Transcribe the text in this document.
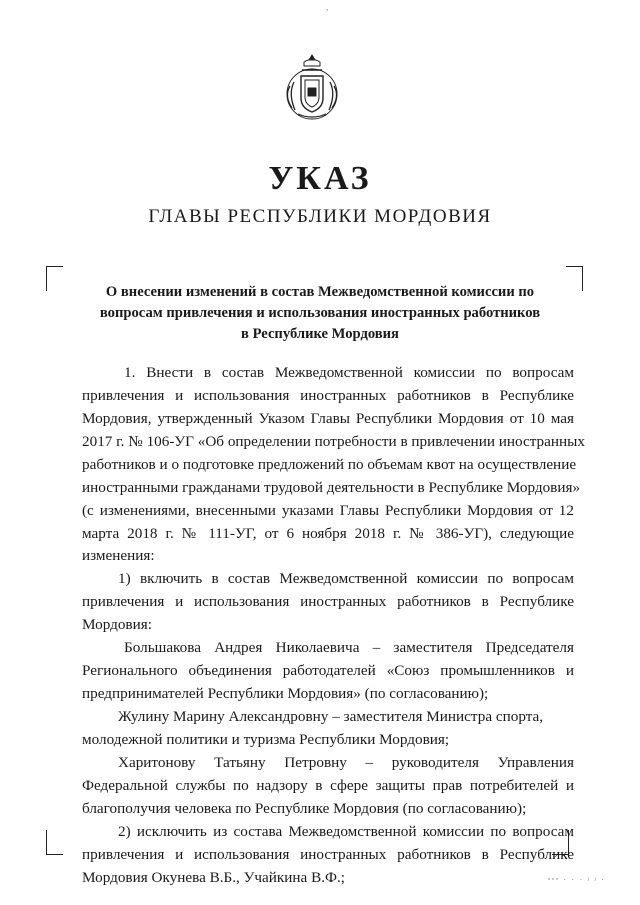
,
УКАЗ
ГЛАВЫ РЕСПУБЛИКИ МОРДОВИЯ
О внесении изменений в состав Межведомственной комиссии по
вопросам привлечения и использования иностранных работников
в Республике Мордовия
1. Внести в состав Межведомственной комиссии по вопросам
привлечения и использования иностранных работников в Республике
Мордовия, утвержденный Указом Главы Республики Мордовия от 10 мая
2017 г. № 106-УГ «Об определении потребности в привлечении иностранных
работников и о подготовке предложений по объемам квот на осуществление
иностранными гражданами трудовой деятельности в Республике Мордовия»
(с изменениями, внесенными указами Главы Республики Мордовия от 12
марта 2018 г. № 111-УГ, от 6 ноября 2018 г. № 386-УГ), следующие
изменения:
1) включить в состав Межведомственной комиссии по вопросам
привлечения и использования иностранных работников в Республике
Мордовия:
Большакова Андрея Николаевича – заместителя Председателя
Регионального объединения работодателей «Союз промышленников и
предпринимателей Республики Мордовия» (по согласованию);
Жулину Марину Александровну – заместителя Министра спорта,
молодежной политики и туризма Республики Мордовия;
Харитонову Татьяну Петровну – руководителя Управления
Федеральной службы по надзору в сфере защиты прав потребителей и
благополучия человека по Республике Мордовия (по согласованию);
2) исключить из состава Межведомственной комиссии по вопросам
привлечения и использования иностранных работников в Республике
Мордовия Окунева В.Б., Учайкина В.Ф.;	ᵃᵃᵒ · · · ʲ ʲ ·
